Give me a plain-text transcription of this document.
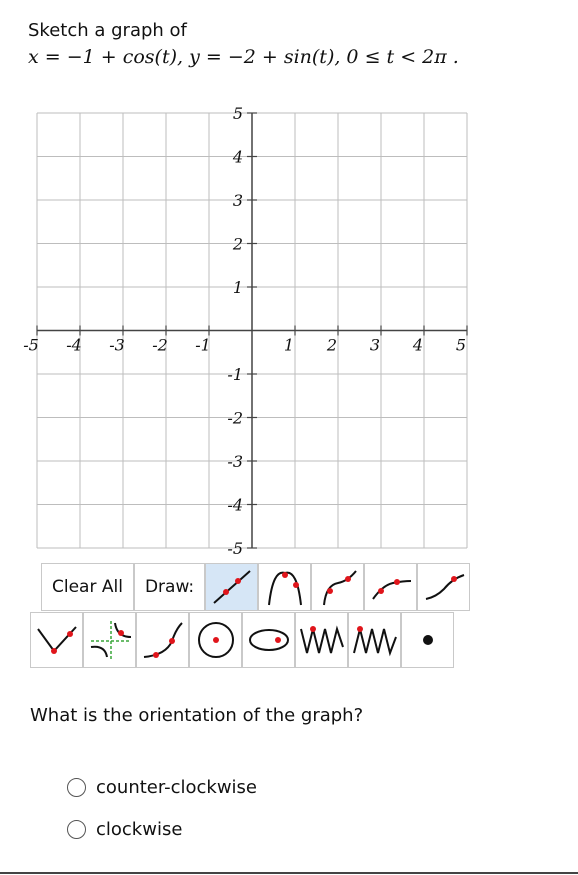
Sketch a graph of
x = −1 + cos(t), y = −2 + sin(t), 0 ≤ t < 2π .
-5 -4 -3 -2 -1	1 2 3 4 5
5
4
3
2
1
-1
-2
-3
-4
-5
Clear All	Draw:
What is the orientation of the graph?
counter-clockwise
clockwise
